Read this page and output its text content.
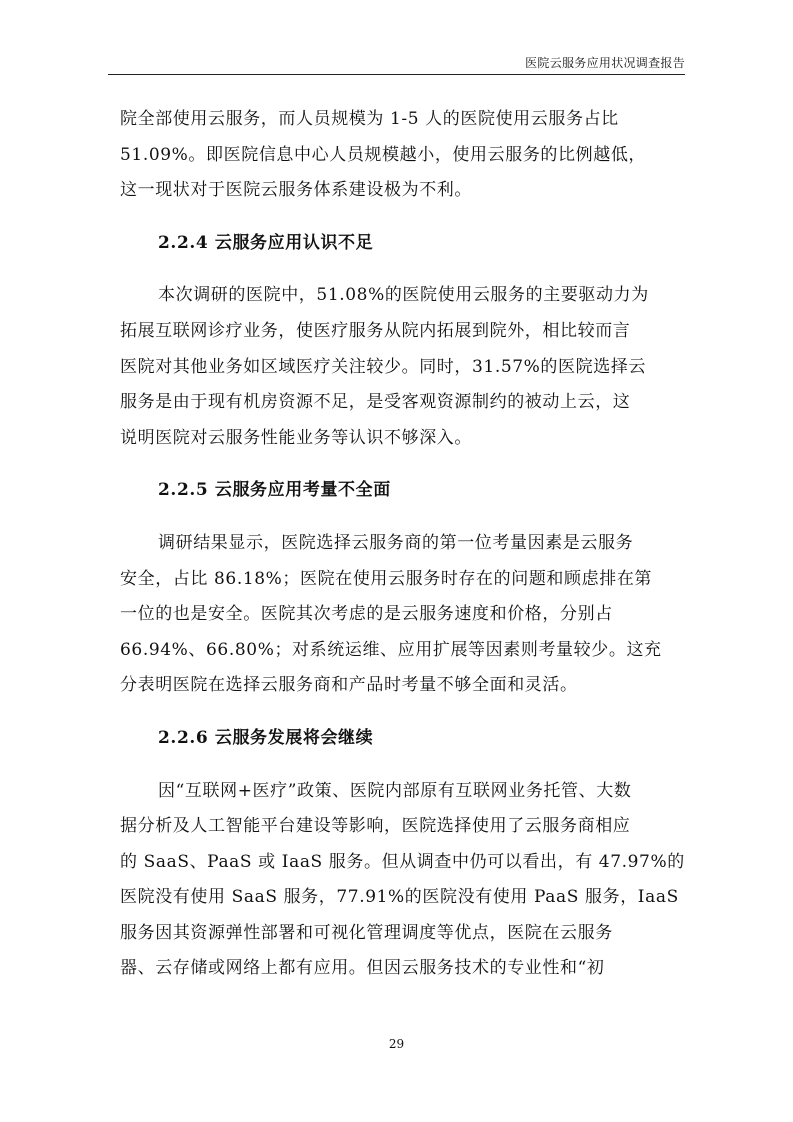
医院云服务应用状况调查报告

院全部使用云服务，而人员规模为 1-5 人的医院使用云服务占比
51.09%。即医院信息中心人员规模越小，使用云服务的比例越低，
这一现状对于医院云服务体系建设极为不利。

2.2.4 云服务应用认识不足

本次调研的医院中，51.08%的医院使用云服务的主要驱动力为
拓展互联网诊疗业务，使医疗服务从院内拓展到院外，相比较而言
医院对其他业务如区域医疗关注较少。同时，31.57%的医院选择云
服务是由于现有机房资源不足，是受客观资源制约的被动上云，这
说明医院对云服务性能业务等认识不够深入。

2.2.5 云服务应用考量不全面

调研结果显示，医院选择云服务商的第一位考量因素是云服务
安全，占比 86.18%；医院在使用云服务时存在的问题和顾虑排在第
一位的也是安全。医院其次考虑的是云服务速度和价格，分别占
66.94%、66.80%；对系统运维、应用扩展等因素则考量较少。这充
分表明医院在选择云服务商和产品时考量不够全面和灵活。

2.2.6 云服务发展将会继续

因“互联网+医疗”政策、医院内部原有互联网业务托管、大数
据分析及人工智能平台建设等影响，医院选择使用了云服务商相应
的 SaaS、PaaS 或 IaaS 服务。但从调查中仍可以看出，有 47.97%的
医院没有使用 SaaS 服务，77.91%的医院没有使用 PaaS 服务，IaaS
服务因其资源弹性部署和可视化管理调度等优点，医院在云服务
器、云存储或网络上都有应用。但因云服务技术的专业性和“初

29
